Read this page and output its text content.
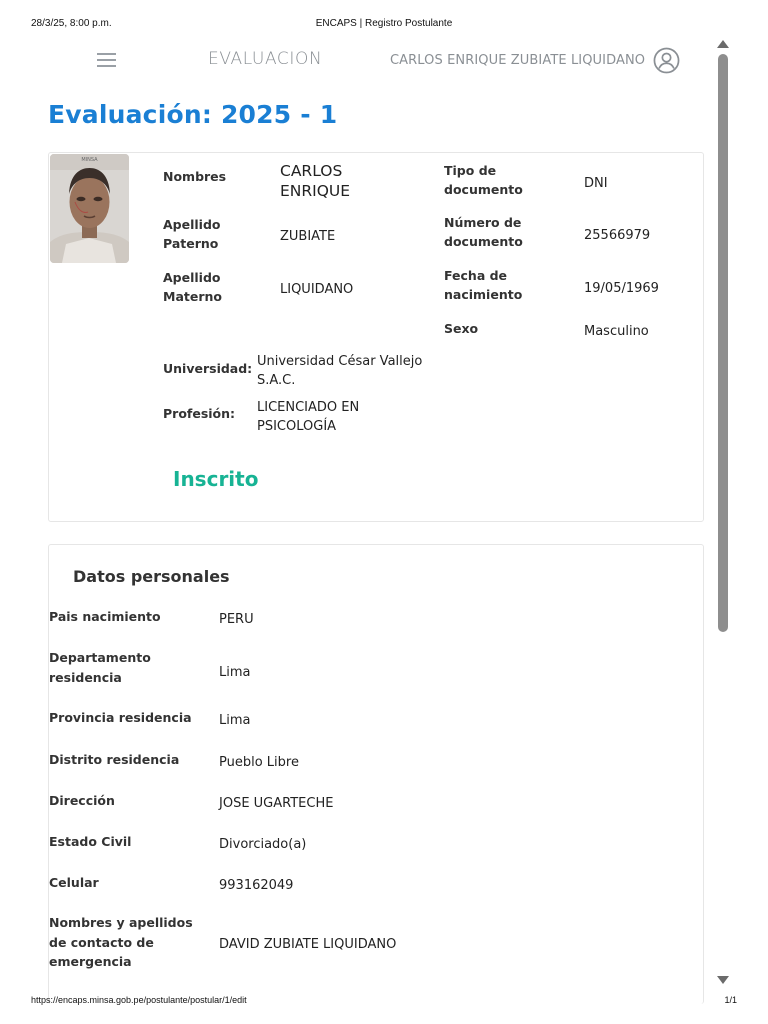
28/3/25, 8:00 p.m.	ENCAPS | Registro Postulante
EVALUACION	CARLOS ENRIQUE ZUBIATE LIQUIDANO
Evaluación: 2025 - 1
MINSA
Nombres	CARLOS
ENRIQUE
Apellido
Paterno	ZUBIATE
Apellido
Materno	LIQUIDANO
Tipo de
documento	DNI
Número de
documento	25566979
Fecha de
nacimiento	19/05/1969
Sexo	Masculino
Universidad: Universidad César Vallejo
S.A.C.
Profesión: LICENCIADO EN
PSICOLOGÍA
Inscrito
Datos personales
Pais nacimiento	PERU
Departamento
residencia	Lima
Provincia residencia	Lima
Distrito residencia	Pueblo Libre
Dirección	JOSE UGARTECHE
Estado Civil	Divorciado(a)
Celular	993162049
Nombres y apellidos
de contacto de
emergencia
DAVID ZUBIATE LIQUIDANO
https://encaps.minsa.gob.pe/postulante/postular/1/edit	1/1
